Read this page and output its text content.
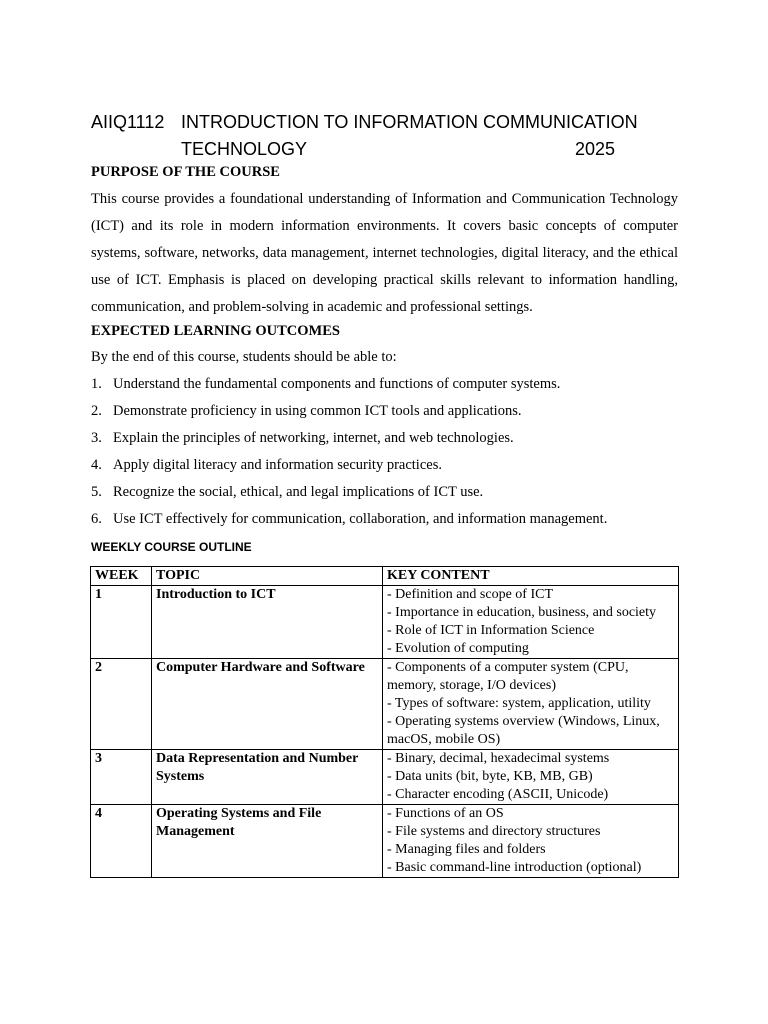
AIIQ1112 INTRODUCTION TO INFORMATION COMMUNICATION
TECHNOLOGY	2025
PURPOSE OF THE COURSE

This course provides a foundational understanding of Information and Communication Technology (ICT) and its role in modern information environments. It covers basic concepts of computer systems, software, networks, data management, internet technologies, digital literacy, and the ethical use of ICT. Emphasis is placed on developing practical skills relevant to information handling, communication, and problem-solving in academic and professional settings.

EXPECTED LEARNING OUTCOMES

By the end of this course, students should be able to:

1. Understand the fundamental components and functions of computer systems.
2. Demonstrate proficiency in using common ICT tools and applications.
3. Explain the principles of networking, internet, and web technologies.
4. Apply digital literacy and information security practices.
5. Recognize the social, ethical, and legal implications of ICT use.
6. Use ICT effectively for communication, collaboration, and information management.
WEEKLY COURSE OUTLINE
WEEK	TOPIC	KEY CONTENT
1	Introduction to ICT	- Definition and scope of ICT
- Importance in education, business, and society
- Role of ICT in Information Science
- Evolution of computing

2	Computer Hardware and Software	- Components of a computer system (CPU, memory, storage, I/O devices)
- Types of software: system, application, utility
- Operating systems overview (Windows, Linux, macOS, mobile OS)

3	Data Representation and Number Systems	- Binary, decimal, hexadecimal systems
- Data units (bit, byte, KB, MB, GB)
- Character encoding (ASCII, Unicode)

4	Operating Systems and File Management	- Functions of an OS
- File systems and directory structures
- Managing files and folders
- Basic command-line introduction (optional)
